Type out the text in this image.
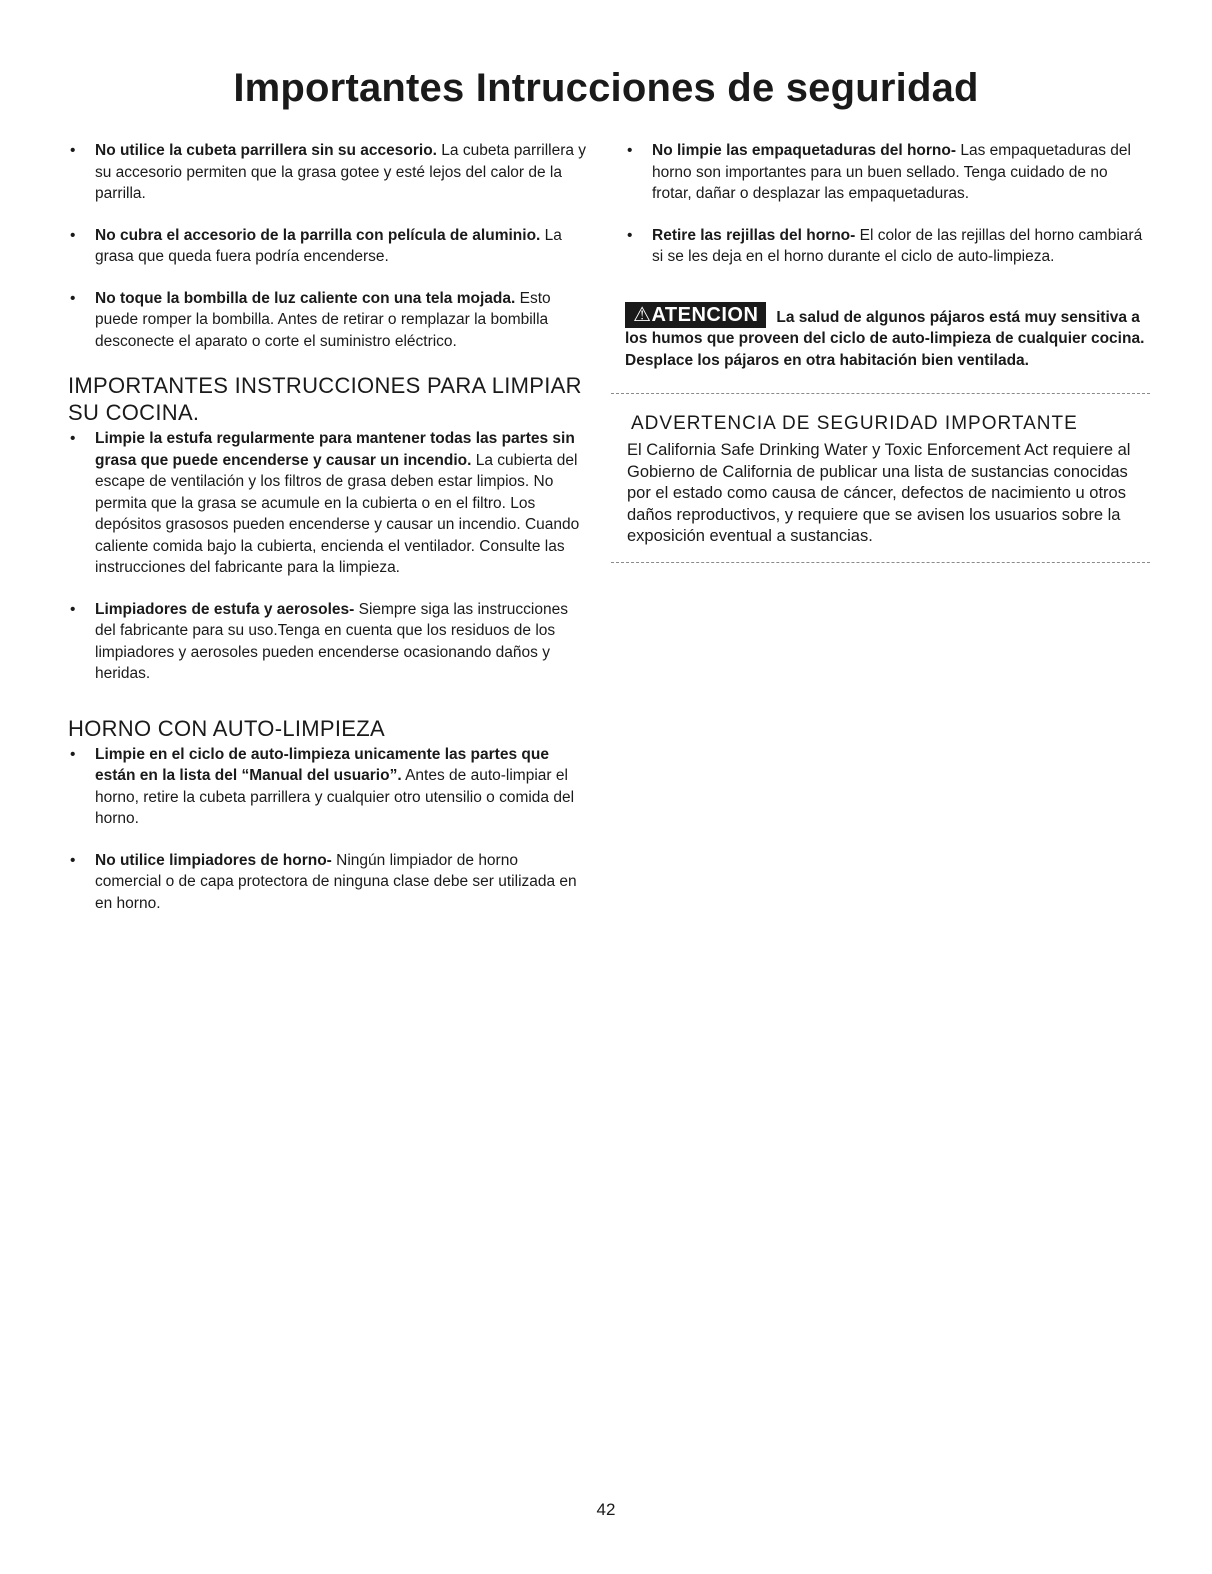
Importantes Intrucciones de seguridad
• No utilice la cubeta parrillera sin su accesorio. La cubeta parrillera y su accesorio permiten que la grasa gotee y esté lejos del calor de la parrilla.
• No cubra el accesorio de la parrilla con película de aluminio. La grasa que queda fuera podría encenderse.
• No toque la bombilla de luz caliente con una tela mojada. Esto puede romper la bombilla. Antes de retirar o remplazar la bombilla desconecte el aparato o corte el suministro eléctrico.
IMPORTANTES INSTRUCCIONES PARA LIMPIAR SU COCINA.
• Limpie la estufa regularmente para mantener todas las partes sin grasa que puede encenderse y causar un incendio. La cubierta del escape de ventilación y los filtros de grasa deben estar limpios. No permita que la grasa se acumule en la cubierta o en el filtro. Los depósitos grasosos pueden encenderse y causar un incendio. Cuando caliente comida bajo la cubierta, encienda el ventilador. Consulte las instrucciones del fabricante para la limpieza.
• Limpiadores de estufa y aerosoles- Siempre siga las instrucciones del fabricante para su uso.Tenga en cuenta que los residuos de los limpiadores y aerosoles pueden encenderse ocasionando daños y heridas.
HORNO CON AUTO-LIMPIEZA
• Limpie en el ciclo de auto-limpieza unicamente las partes que están en la lista del “Manual del usuario”. Antes de auto-limpiar el horno, retire la cubeta parrillera y cualquier otro utensilio o comida del horno.
• No utilice limpiadores de horno- Ningún limpiador de horno comercial o de capa protectora de ninguna clase debe ser utilizada en en horno.
• No limpie las empaquetaduras del horno- Las empaquetaduras del horno son importantes para un buen sellado. Tenga cuidado de no frotar, dañar o desplazar las empaquetaduras.
• Retire las rejillas del horno- El color de las rejillas del horno cambiará si se les deja en el horno durante el ciclo de auto-limpieza.
⚠ATENCION La salud de algunos pájaros está muy sensitiva a los humos que proveen del ciclo de auto-limpieza de cualquier cocina. Desplace los pájaros en otra habitación bien ventilada.
ADVERTENCIA DE SEGURIDAD IMPORTANTE

El California Safe Drinking Water y Toxic Enforcement Act requiere al Gobierno de California de publicar una lista de sustancias conocidas por el estado como causa de cáncer, defectos de nacimiento u otros daños reproductivos, y requiere que se avisen los usuarios sobre la exposición eventual a sustancias.

42
